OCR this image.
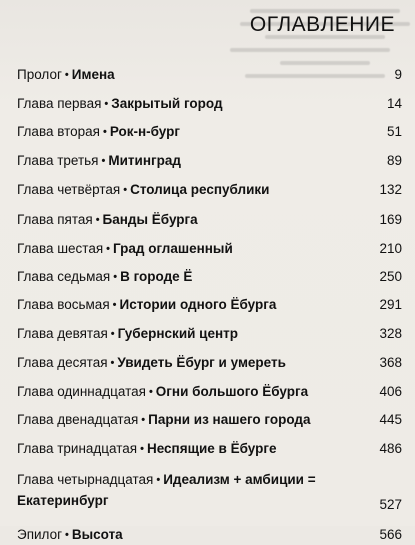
ОГЛАВЛЕНИЕ
Пролог • Имена	9
Глава первая • Закрытый город	14
Глава вторая • Рок-н-бург	51
Глава третья • Митинград	89
Глава четвёртая • Столица республики	132
Глава пятая • Банды Ёбурга	169
Глава шестая • Град оглашенный	210
Глава седьмая • В городе Ё	250
Глава восьмая • Истории одного Ёбурга	291
Глава девятая • Губернский центр	328
Глава десятая • Увидеть Ёбург и умереть	368
Глава одиннадцатая • Огни большого Ёбурга	406
Глава двенадцатая • Парни из нашего города	445
Глава тринадцатая • Неспящие в Ёбурге	486
Глава четырнадцатая • Идеализм + амбиции = Екатеринбург	527
Эпилог • Высота	566
